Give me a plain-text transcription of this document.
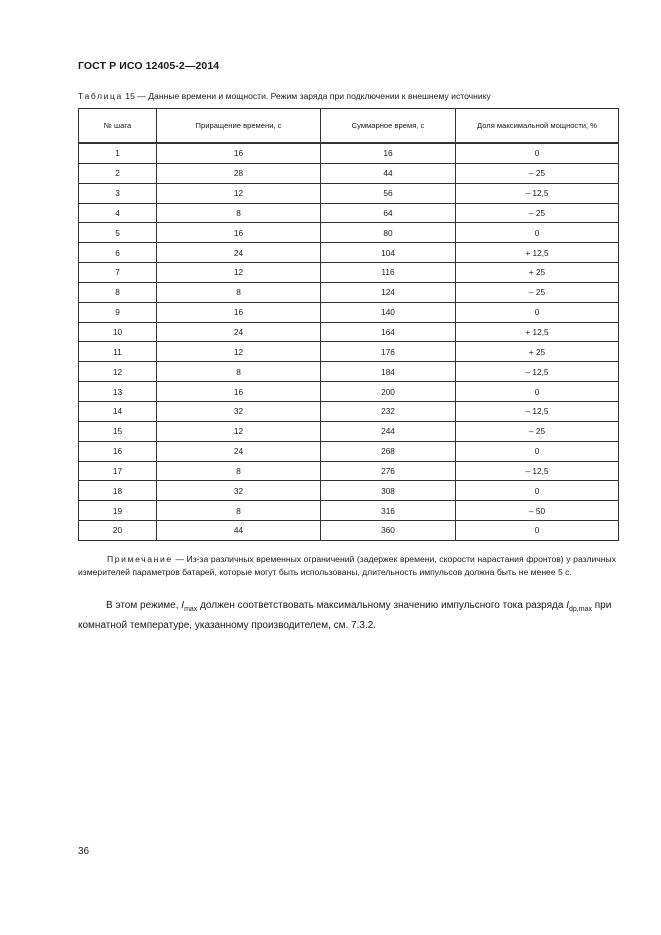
ГОСТ Р ИСО 12405-2—2014
Таблица 15 — Данные времени и мощности. Режим заряда при подключении к внешнему источнику
№ шага	Приращение времени, с	Суммарное время, с	Доля максимальной мощности, %
1	16	16	0
2	28	44	– 25
3	12	56	– 12,5
4	8	64	– 25
5	16	80	0
6	24	104	+ 12,5
7	12	116	+ 25
8	8	124	– 25
9	16	140	0
10	24	164	+ 12,5
11	12	176	+ 25
12	8	184	– 12,5
13	16	200	0
14	32	232	– 12,5
15	12	244	– 25
16	24	268	0
17	8	276	– 12,5
18	32	308	0
19	8	316	– 50
20	44	360	0
Примечание — Из-за различных временных ограничений (задержек времени, скорости нарастания фронтов) у различных измерителей параметров батарей, которые могут быть использованы, длительность импульсов должна быть не менее 5 с.
В этом режиме, $I_{max}$ должен соответствовать максимальному значению импульсного тока разряда $I_{dp,max}$ при комнатной температуре, указанному производителем, см. 7.3.2.
36
